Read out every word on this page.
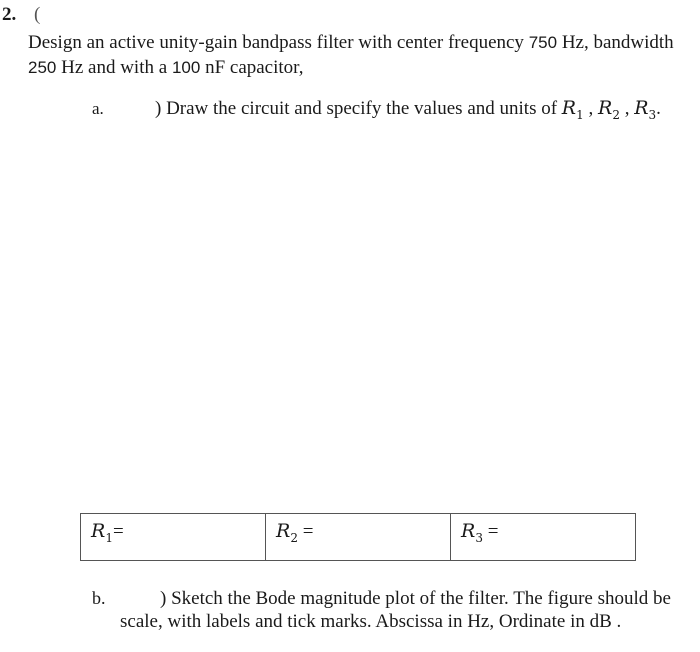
2. (
Design an active unity-gain bandpass filter with center frequency 750 Hz, bandwidth
250 Hz and with a 100 nF capacitor,
a.	) Draw the circuit and specify the values and units of $R_1$ , $R_2$ , $R_3$.
$R_1=$	$R_2$ =	$R_3$ =
b.	) Sketch the Bode magnitude plot of the filter. The figure should be
scale, with labels and tick marks. Abscissa in Hz, Ordinate in dB .
